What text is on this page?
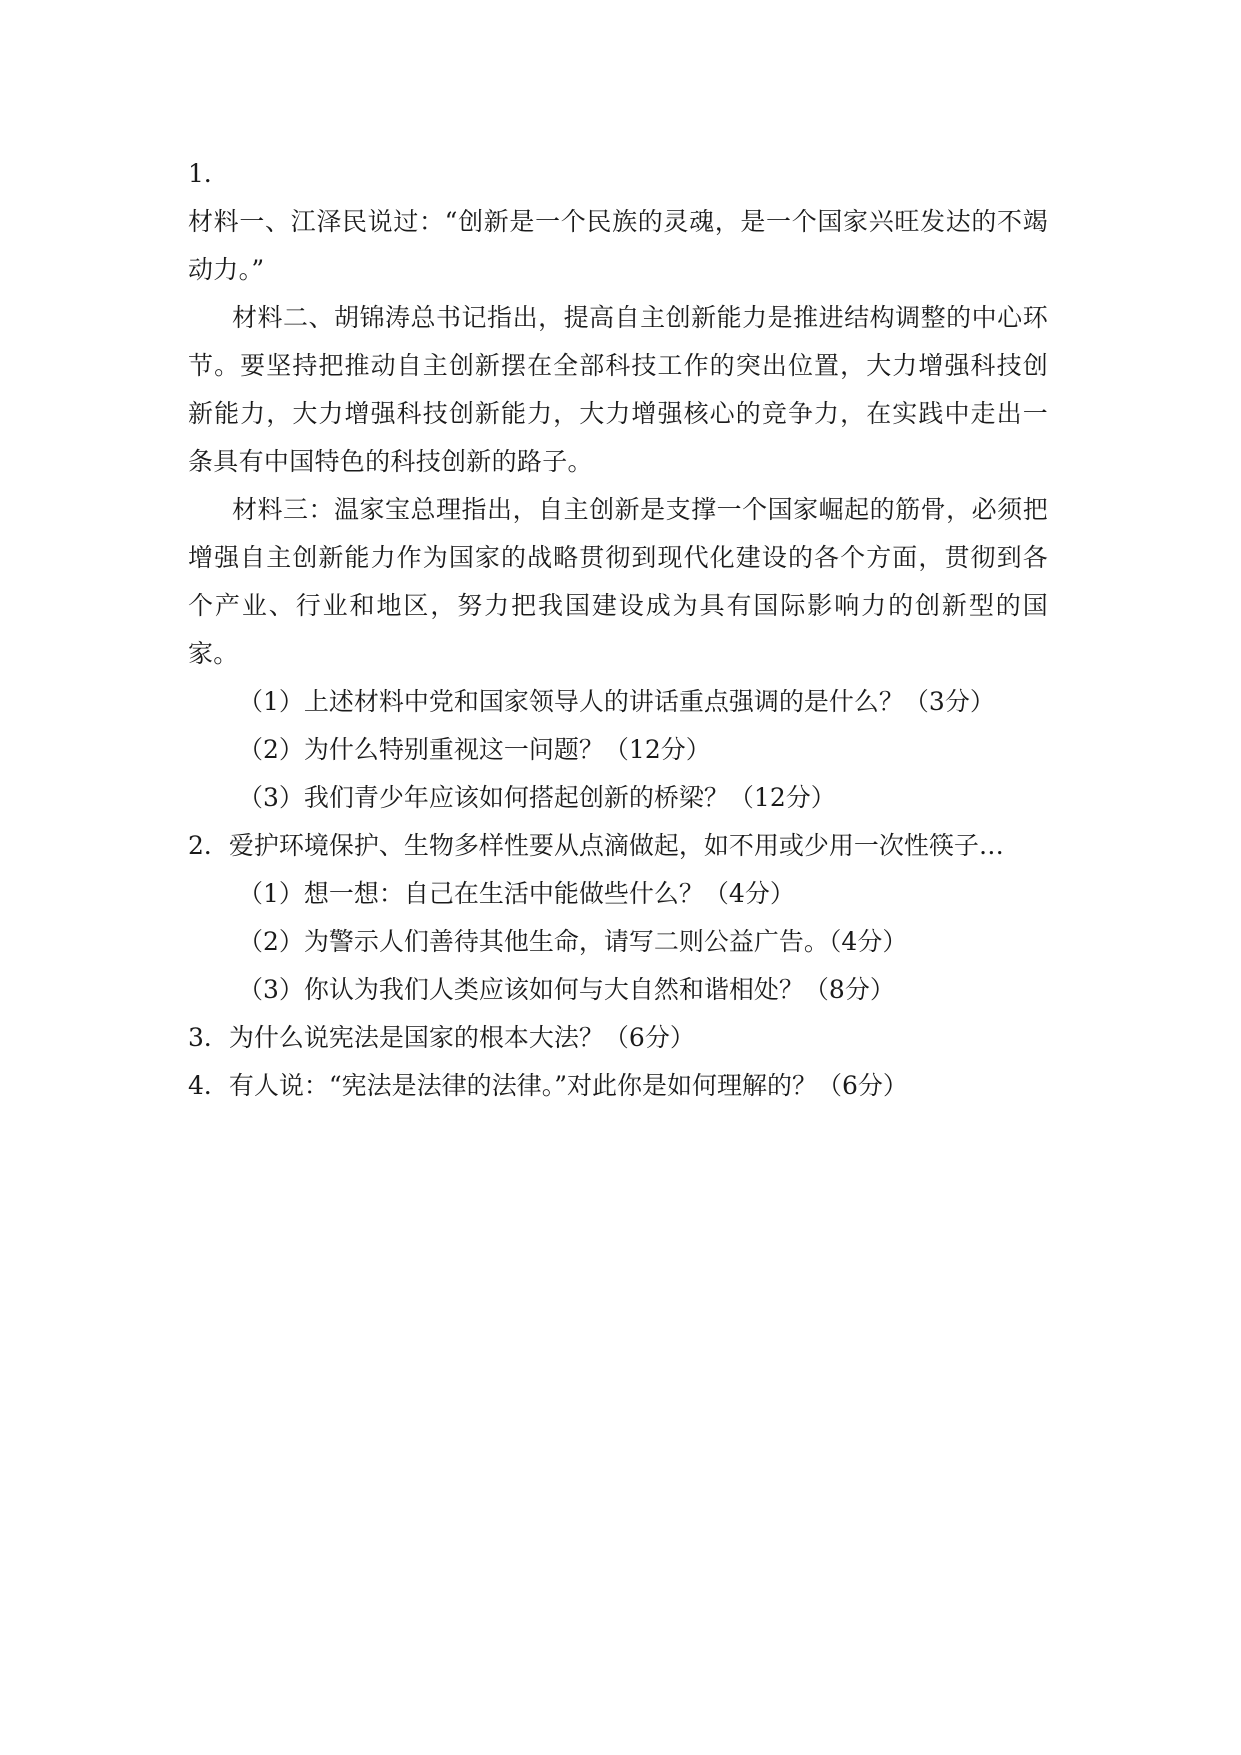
1．
材料一、江泽民说过：“创新是一个民族的灵魂，是一个国家兴旺发达的不竭动力。”
材料二、胡锦涛总书记指出，提高自主创新能力是推进结构调整的中心环节。要坚持把推动自主创新摆在全部科技工作的突出位置，大力增强科技创新能力，大力增强科技创新能力，大力增强核心的竞争力，在实践中走出一条具有中国特色的科技创新的路子。
材料三：温家宝总理指出，自主创新是支撑一个国家崛起的筋骨，必须把增强自主创新能力作为国家的战略贯彻到现代化建设的各个方面，贯彻到各个产业、行业和地区，努力把我国建设成为具有国际影响力的创新型的国家。
（1）上述材料中党和国家领导人的讲话重点强调的是什么？（3分）
（2）为什么特别重视这一问题？（12分）
（3）我们青少年应该如何搭起创新的桥梁？（12分）
2．爱护环境保护、生物多样性要从点滴做起，如不用或少用一次性筷子…
（1）想一想：自己在生活中能做些什么？（4分）
（2）为警示人们善待其他生命，请写二则公益广告。（4分）
（3）你认为我们人类应该如何与大自然和谐相处？（8分）
3．为什么说宪法是国家的根本大法？（6分）
4．有人说：“宪法是法律的法律。”对此你是如何理解的？（6分）
